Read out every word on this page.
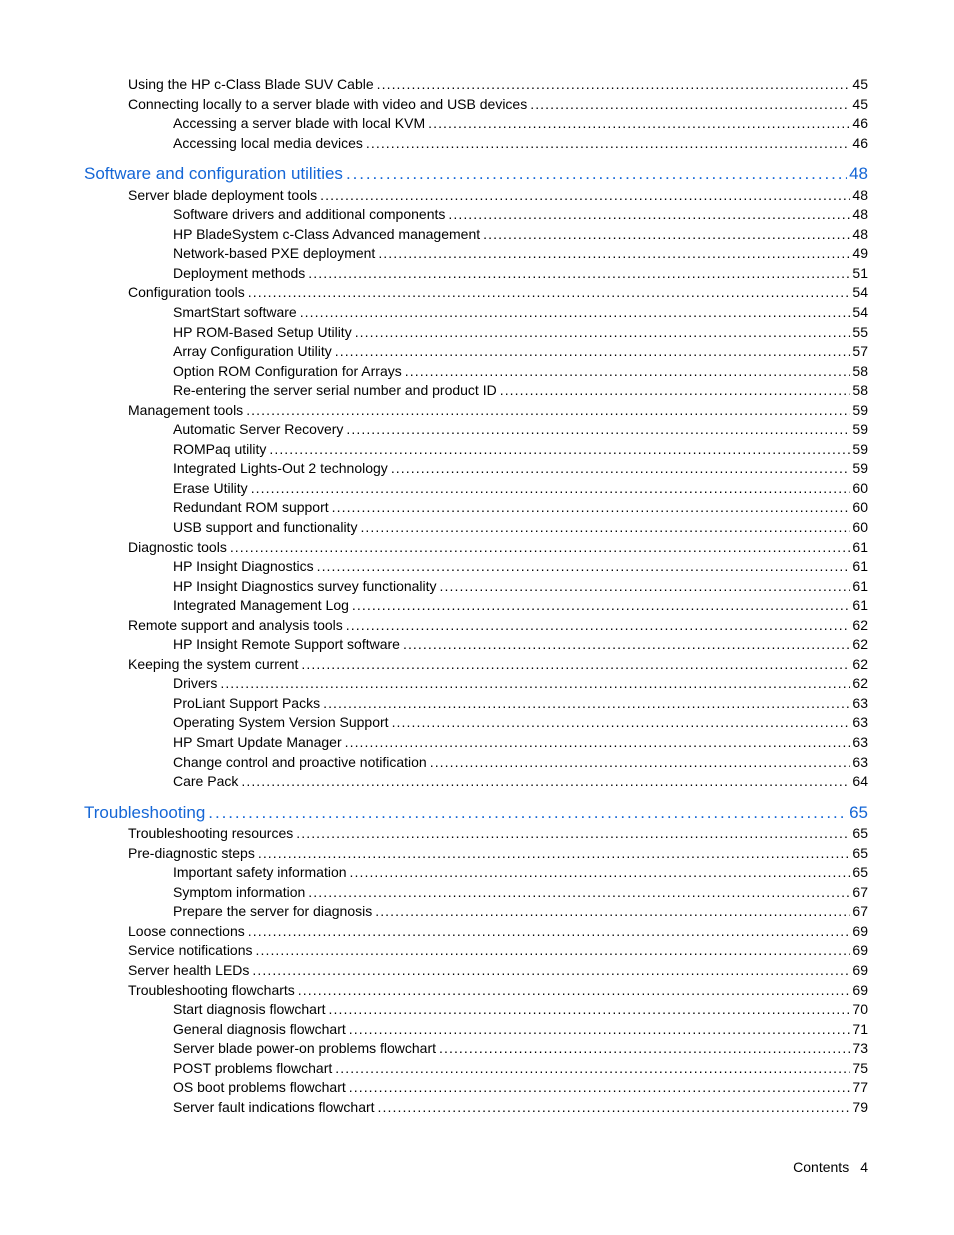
Using the HP c-Class Blade SUV Cable . . .	45
Connecting locally to a server blade with video and USB devices . . .	45
Accessing a server blade with local KVM . . .	46
Accessing local media devices . . .	46
Software and configuration utilities . . .	48
Server blade deployment tools . . .	48
Software drivers and additional components . . .	48
HP BladeSystem c-Class Advanced management . . .	48
Network-based PXE deployment . . .	49
Deployment methods . . .	51
Configuration tools . . .	54
SmartStart software . . .	54
HP ROM-Based Setup Utility . . .	55
Array Configuration Utility . . .	57
Option ROM Configuration for Arrays . . .	58
Re-entering the server serial number and product ID . . .	58
Management tools . . .	59
Automatic Server Recovery . . .	59
ROMPaq utility . . .	59
Integrated Lights-Out 2 technology . . .	59
Erase Utility . . .	60
Redundant ROM support . . .	60
USB support and functionality . . .	60
Diagnostic tools . . .	61
HP Insight Diagnostics . . .	61
HP Insight Diagnostics survey functionality . . .	61
Integrated Management Log . . .	61
Remote support and analysis tools . . .	62
HP Insight Remote Support software . . .	62
Keeping the system current . . .	62
Drivers . . .	62
ProLiant Support Packs . . .	63
Operating System Version Support . . .	63
HP Smart Update Manager . . .	63
Change control and proactive notification . . .	63
Care Pack . . .	64
Troubleshooting . . .	65
Troubleshooting resources . . .	65
Pre-diagnostic steps . . .	65
Important safety information . . .	65
Symptom information . . .	67
Prepare the server for diagnosis . . .	67
Loose connections . . .	69
Service notifications . . .	69
Server health LEDs . . .	69
Troubleshooting flowcharts . . .	69
Start diagnosis flowchart . . .	70
General diagnosis flowchart . . .	71
Server blade power-on problems flowchart . . .	73
POST problems flowchart . . .	75
OS boot problems flowchart . . .	77
Server fault indications flowchart . . .	79
Contents 4
